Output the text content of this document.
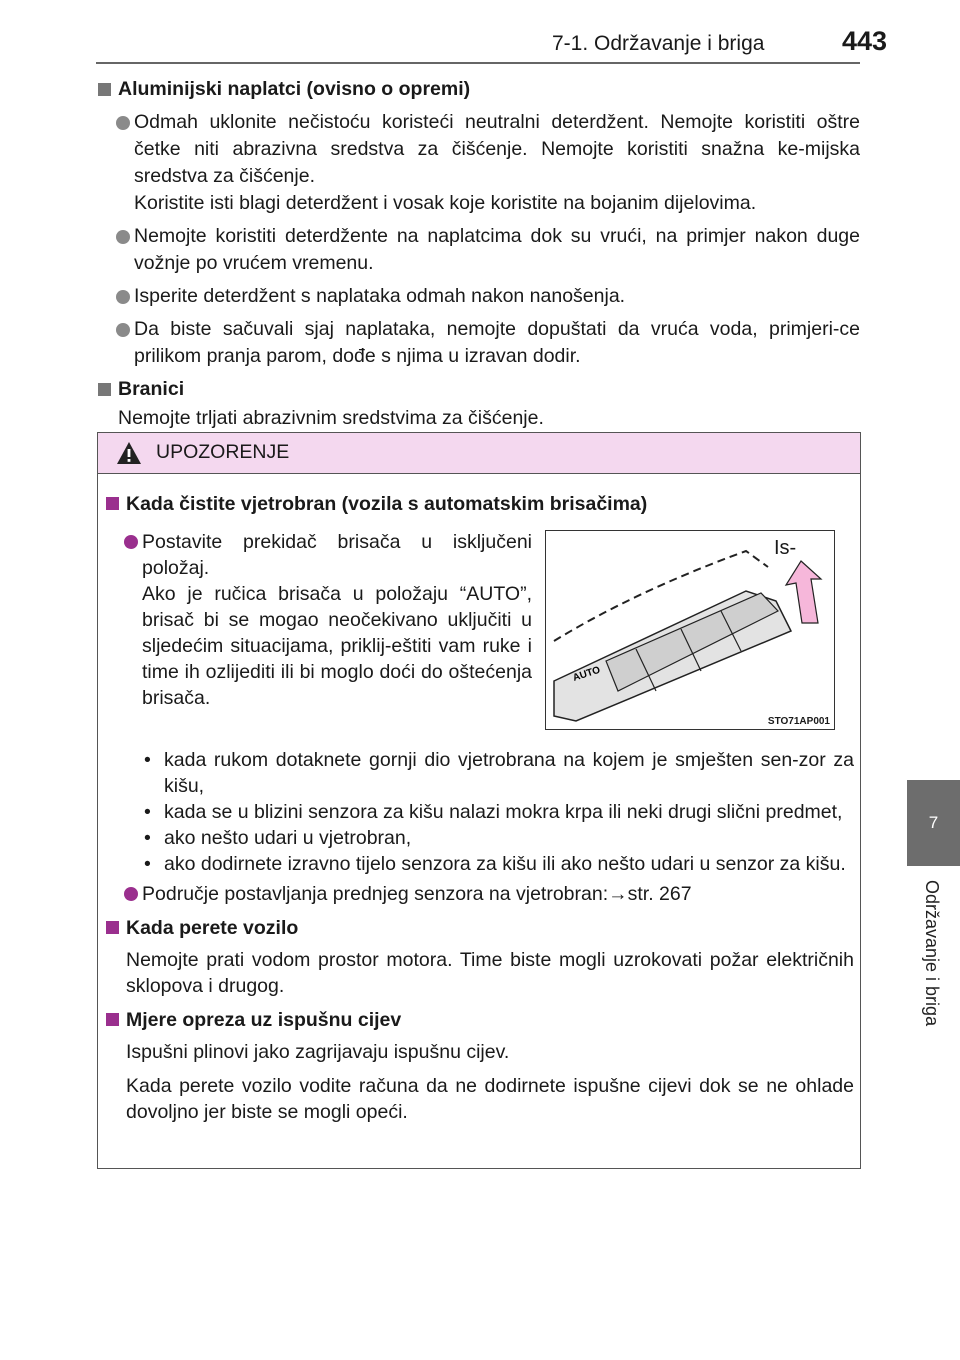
7-1. Održavanje i briga	443
7
Održavanje i briga

Aluminijski naplatci (ovisno o opremi)

Odmah uklonite nečistoću koristeći neutralni deterdžent. Nemojte koristiti oštre četke niti abrazivna sredstva za čišćenje. Nemojte koristiti snažna ke-mijska sredstva za čišćenje.
Koristite isti blagi deterdžent i vosak koje koristite na bojanim dijelovima.
Nemojte koristiti deterdžente na naplatcima dok su vrući, na primjer nakon duge vožnje po vrućem vremenu.
Isperite deterdžent s naplataka odmah nakon nanošenja.
Da biste sačuvali sjaj naplataka, nemojte dopuštati da vruća voda, primjeri-ce prilikom pranja parom, dođe s njima u izravan dodir.

Branici

Nemojte trljati abrazivnim sredstvima za čišćenje.

UPOZORENJE

Kada čistite vjetrobran (vozila s automatskim brisačima)

Postavite prekidač brisača u isključeni položaj.
Ako je ručica brisača u položaju “AUTO”, brisač bi se mogao neočekivano uključiti u sljedećim situacijama, priklij-eštiti vam ruke i time ih ozlijediti ili bi moglo doći do oštećenja brisača.
• kada rukom dotaknete gornji dio vjetrobrana na kojem je smješten sen-zor za kišu,
• kada se u blizini senzora za kišu nalazi mokra krpa ili neki drugi slični predmet,
• ako nešto udari u vjetrobran,
• ako dodirnete izravno tijelo senzora za kišu ili ako nešto udari u senzor za kišu.
Područje postavljanja prednjeg senzora na vjetrobran:→str. 267

Kada perete vozilo

Nemojte prati vodom prostor motora. Time biste mogli uzrokovati požar električnih sklopova i drugog.

Mjere opreza uz ispušnu cijev

Ispušni plinovi jako zagrijavaju ispušnu cijev.

Kada perete vozilo vodite računa da ne dodirnete ispušne cijevi dok se ne ohlade dovoljno jer biste se mogli opeći.

AUTO
Is-
STO71AP001
